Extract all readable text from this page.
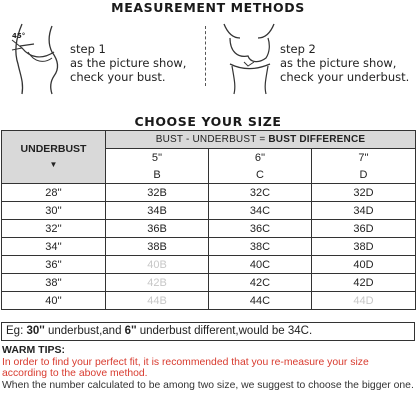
MEASUREMENT METHODS
45°
step 1
as the picture show,
check your bust.
step 2
as the picture show,
check your underbust.
CHOOSE YOUR SIZE
UNDERBUST
▼	BUST - UNDERBUST = BUST DIFFERENCE		
	5''	6''	7''
	B	C	D
28''	32B	32C	32D
30''	34B	34C	34D
32''	36B	36C	36D
34''	38B	38C	38D
36''	40B	40C	40D
38''	42B	42C	42D
40''	44B	44C	44D
Eg: 30'' underbust,and 6'' underbust different,would be 34C.
WARM TIPS:
In order to find your perfect fit, it is recommended that you re-measure your size according to the above method.
When the number calculated to be among two size, we suggest to choose the bigger one.
